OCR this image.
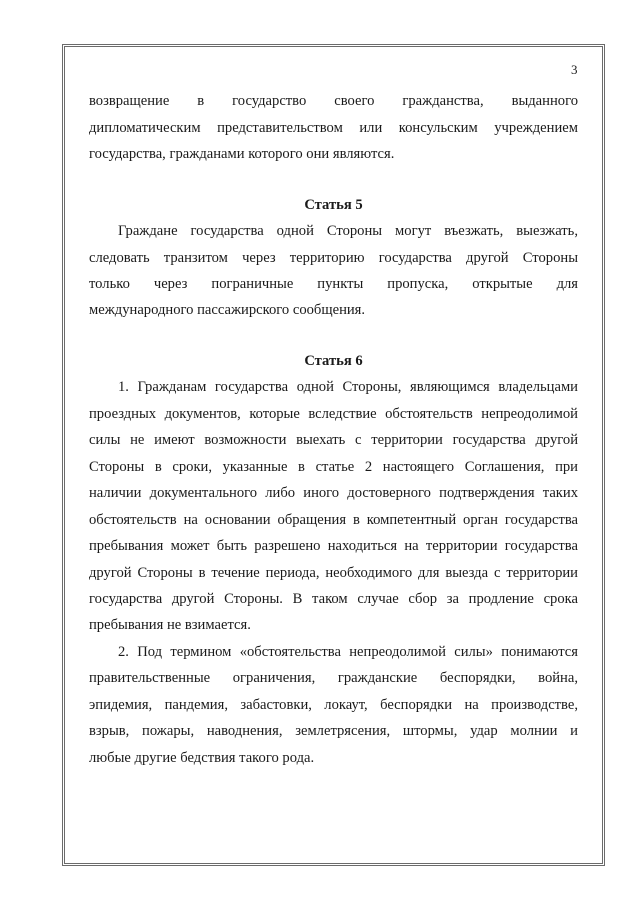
3
возвращение в государство своего гражданства, выданного
дипломатическим представительством или консульским учреждением
государства, гражданами которого они являются.
Статья 5
Граждане государства одной Стороны могут въезжать, выезжать,
следовать транзитом через территорию государства другой Стороны
только через пограничные пункты пропуска, открытые для
международного пассажирского сообщения.
Статья 6
1. Гражданам государства одной Стороны, являющимся владельцами
проездных документов, которые вследствие обстоятельств непреодолимой
силы не имеют возможности выехать с территории государства другой
Стороны в сроки, указанные в статье 2 настоящего Соглашения, при
наличии документального либо иного достоверного подтверждения таких
обстоятельств на основании обращения в компетентный орган государства
пребывания может быть разрешено находиться на территории государства
другой Стороны в течение периода, необходимого для выезда с территории
государства другой Стороны. В таком случае сбор за продление срока
пребывания не взимается.
2. Под термином «обстоятельства непреодолимой силы» понимаются
правительственные ограничения, гражданские беспорядки, война,
эпидемия, пандемия, забастовки, локаут, беспорядки на производстве,
взрыв, пожары, наводнения, землетрясения, штормы, удар молнии и
любые другие бедствия такого рода.
